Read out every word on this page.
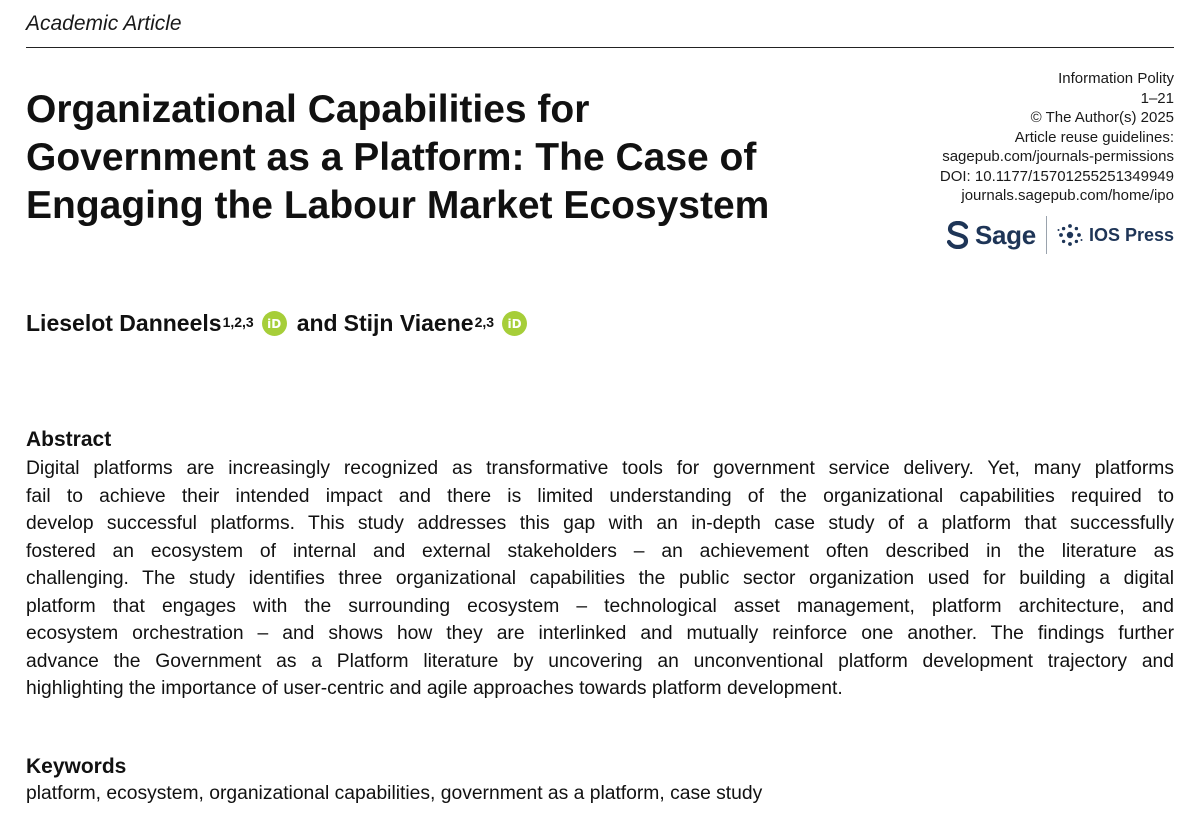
Academic Article
Organizational Capabilities for
Government as a Platform: The Case of
Engaging the Labour Market Ecosystem
Information Polity
1–21
© The Author(s) 2025
Article reuse guidelines:
sagepub.com/journals-permissions
DOI: 10.1177/15701255251349949
journals.sagepub.com/home/ipo
Sage	IOS Press
Lieselot Danneels$^{1,2,3}$	iD and Stijn Viaene$^{2,3}$	iD
Abstract
Digital platforms are increasingly recognized as transformative tools for government service delivery. Yet, many platforms
fail to achieve their intended impact and there is limited understanding of the organizational capabilities required to
develop successful platforms. This study addresses this gap with an in-depth case study of a platform that successfully
fostered an ecosystem of internal and external stakeholders – an achievement often described in the literature as
challenging. The study identifies three organizational capabilities the public sector organization used for building a digital
platform that engages with the surrounding ecosystem – technological asset management, platform architecture, and
ecosystem orchestration – and shows how they are interlinked and mutually reinforce one another. The findings further
advance the Government as a Platform literature by uncovering an unconventional platform development trajectory and
highlighting the importance of user-centric and agile approaches towards platform development.
Keywords

platform, ecosystem, organizational capabilities, government as a platform, case study
